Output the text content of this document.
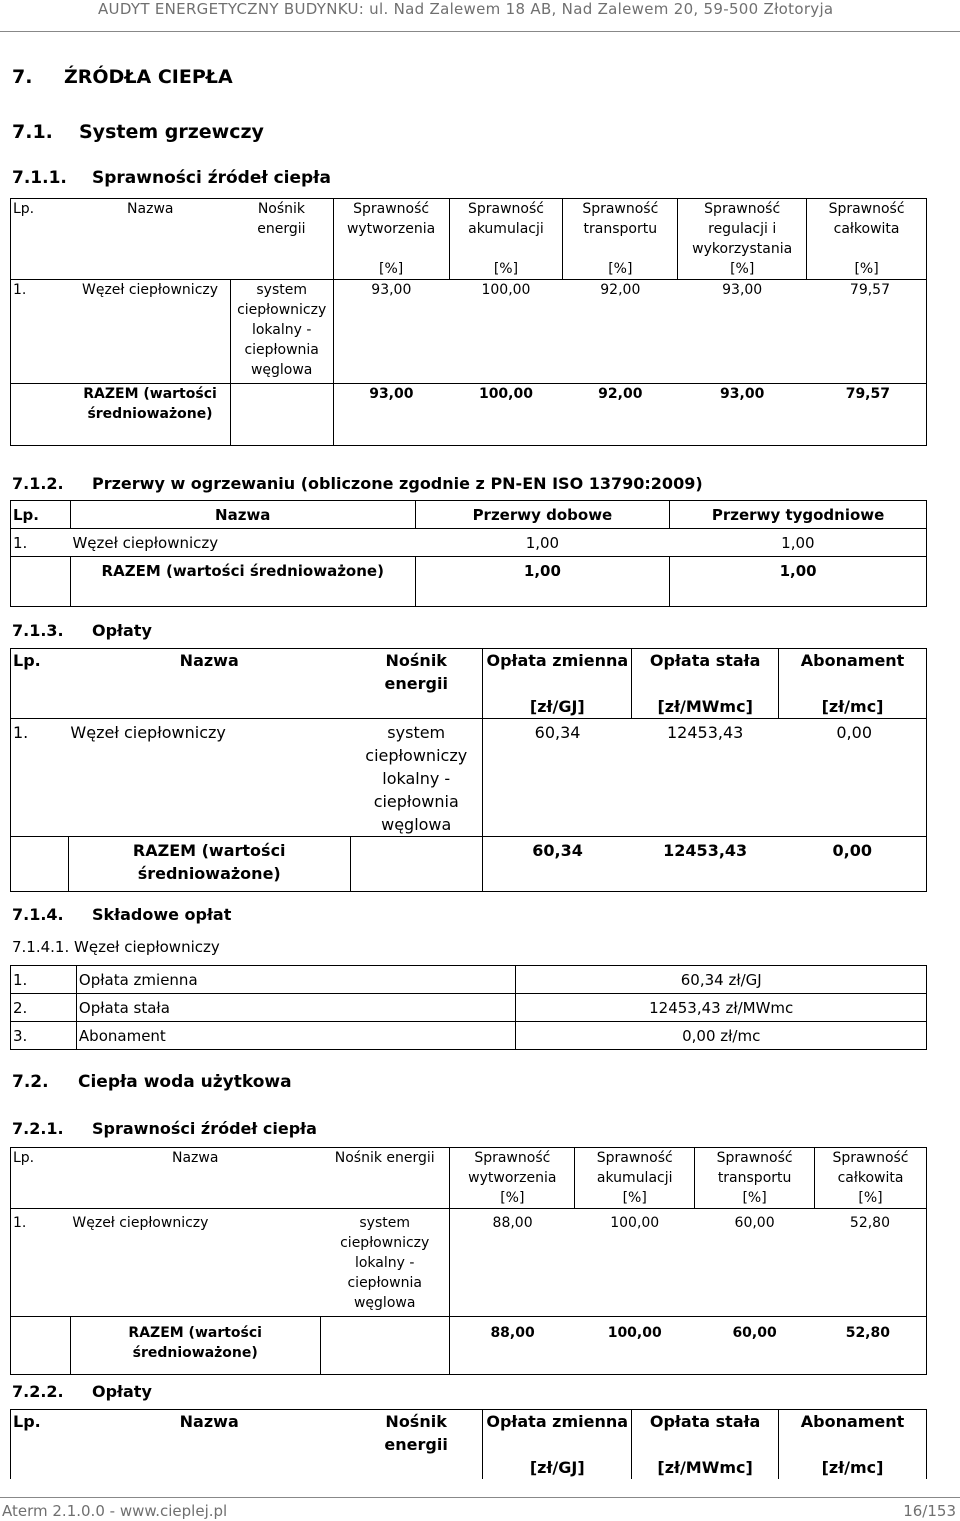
AUDYT ENERGETYCZNY BUDYNKU: ul. Nad Zalewem 18 AB, Nad Zalewem 20, 59-500 Złotoryja
Aterm 2.1.0.0 - www.cieplej.pl	16/153
7. ŹRÓDŁA CIEPŁA
7.1. System grzewczy
7.1.1. Sprawności źródeł ciepła
Lp.	Nazwa	Nośnik energii	Sprawność wytworzenia	Sprawność akumulacji	Sprawność transportu	Sprawność regulacji i wykorzystania	Sprawność całkowita
			[%]	[%]	[%]	[%]	[%]
1.	Węzeł ciepłowniczy	system ciepłowniczy lokalny - ciepłownia węglowa	93,00	100,00	92,00	93,00	79,57
	RAZEM (wartości średnioważone)		93,00	100,00	92,00	93,00	79,57
7.1.2. Przerwy w ogrzewaniu (obliczone zgodnie z PN-EN ISO 13790:2009)
Lp.	Nazwa	Przerwy dobowe	Przerwy tygodniowe
1.	Węzeł ciepłowniczy	1,00	1,00
	RAZEM (wartości średnioważone)	1,00	1,00
7.1.3. Opłaty
Lp.	Nazwa	Nośnik energii	Opłata zmienna	Opłata stała	Abonament
			[zł/GJ]	[zł/MWmc]	[zł/mc]
1.	Węzeł ciepłowniczy	system ciepłowniczy lokalny - ciepłownia węglowa	60,34	12453,43	0,00
	RAZEM (wartości średnioważone)		60,34	12453,43	0,00
7.1.4. Składowe opłat
7.1.4.1. Węzeł ciepłowniczy
1.	Opłata zmienna	60,34 zł/GJ
2.	Opłata stała	12453,43 zł/MWmc
3.	Abonament	0,00 zł/mc
7.2. Ciepła woda użytkowa
7.2.1. Sprawności źródeł ciepła
Lp.	Nazwa	Nośnik energii	Sprawność wytworzenia	Sprawność akumulacji	Sprawność transportu	Sprawność całkowita
			[%]	[%]	[%]	[%]
1.	Węzeł ciepłowniczy	system ciepłowniczy lokalny - ciepłownia węglowa	88,00	100,00	60,00	52,80
	RAZEM (wartości średnioważone)		88,00	100,00	60,00	52,80
7.2.2. Opłaty
Lp.	Nazwa	Nośnik energii	Opłata zmienna	Opłata stała	Abonament
			[zł/GJ]	[zł/MWmc]	[zł/mc]
